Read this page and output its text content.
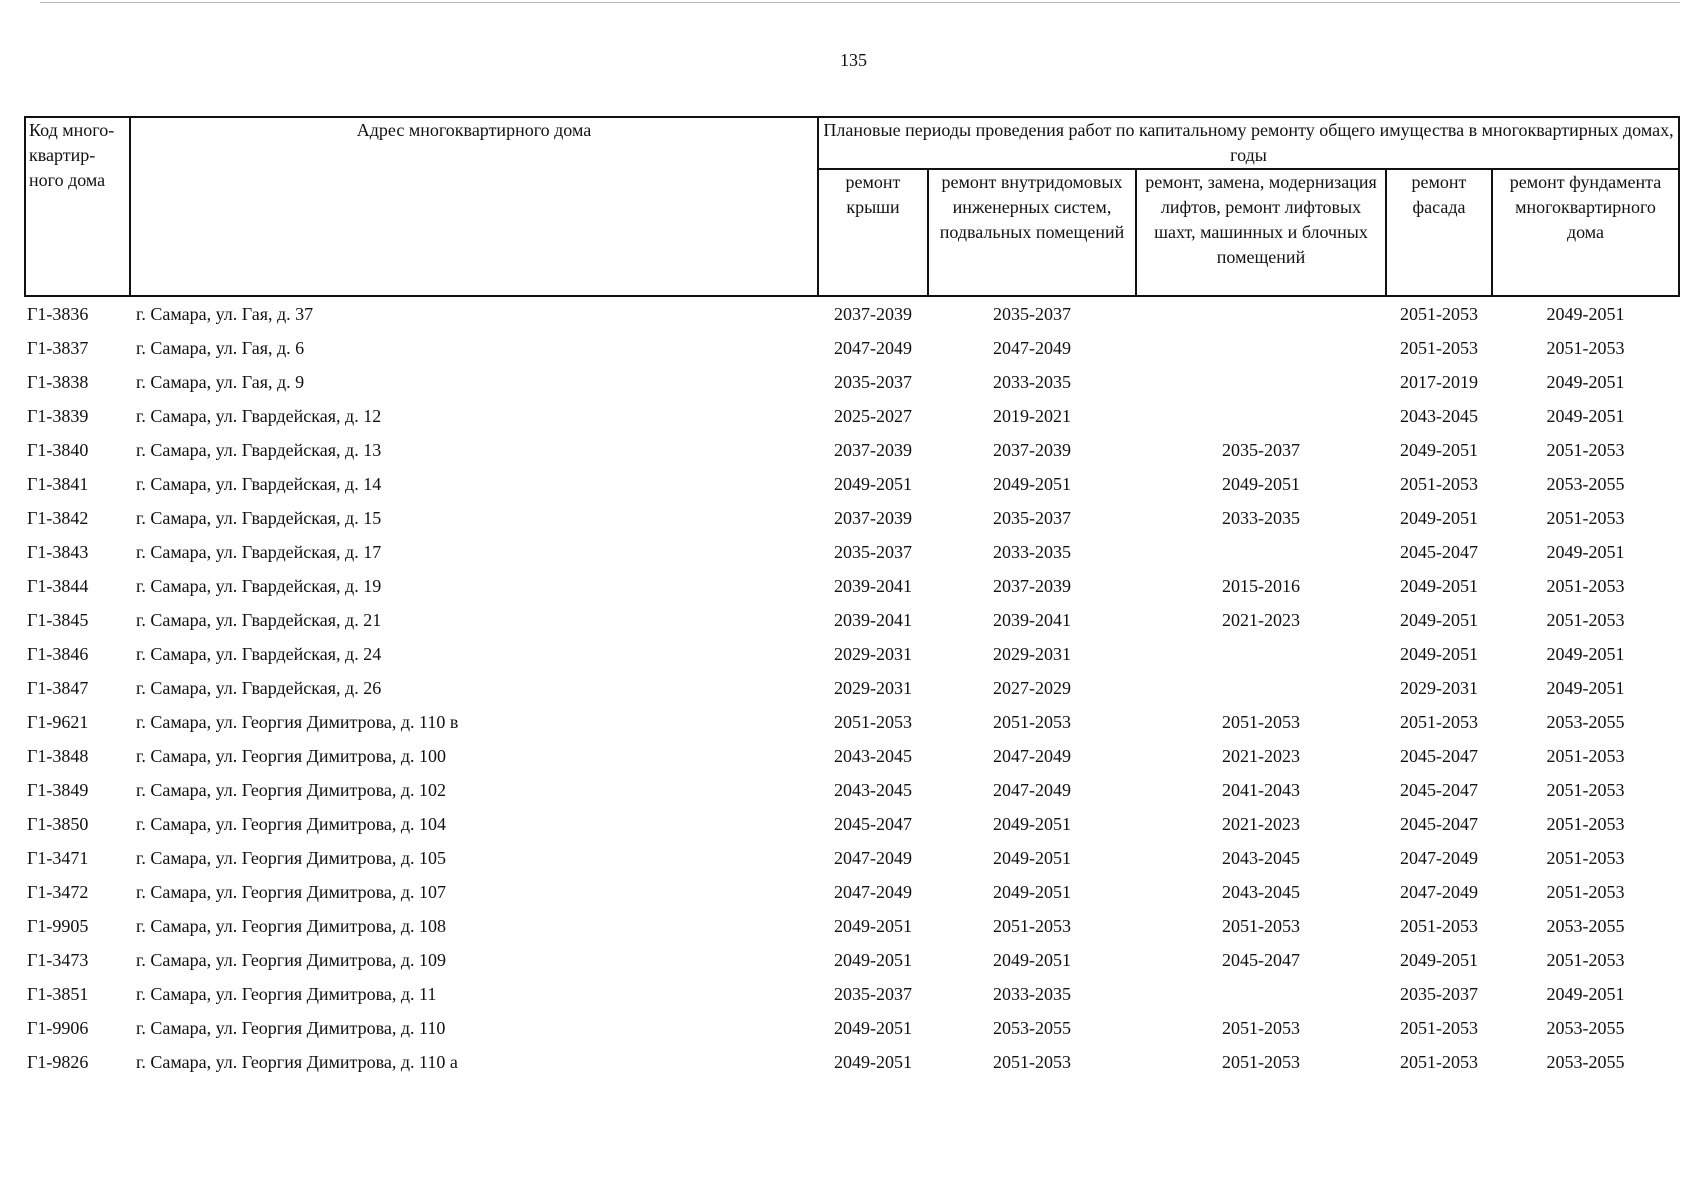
135
Код много-квартир-ного дома	Адрес многоквартирного дома	Плановые периоды проведения работ по капитальному ремонту общего имущества в многоквартирных домах, годы				
		ремонт крыши	ремонт внутридомовых инженерных систем, подвальных помещений	ремонт, замена, модернизация лифтов, ремонт лифтовых шахт, машинных и блочных помещений	ремонт фасада	ремонт фундамента многоквартирного дома
Г1-3836	г. Самара, ул. Гая, д. 37	2037-2039	2035-2037		2051-2053	2049-2051
Г1-3837	г. Самара, ул. Гая, д. 6	2047-2049	2047-2049		2051-2053	2051-2053
Г1-3838	г. Самара, ул. Гая, д. 9	2035-2037	2033-2035		2017-2019	2049-2051
Г1-3839	г. Самара, ул. Гвардейская, д. 12	2025-2027	2019-2021		2043-2045	2049-2051
Г1-3840	г. Самара, ул. Гвардейская, д. 13	2037-2039	2037-2039	2035-2037	2049-2051	2051-2053
Г1-3841	г. Самара, ул. Гвардейская, д. 14	2049-2051	2049-2051	2049-2051	2051-2053	2053-2055
Г1-3842	г. Самара, ул. Гвардейская, д. 15	2037-2039	2035-2037	2033-2035	2049-2051	2051-2053
Г1-3843	г. Самара, ул. Гвардейская, д. 17	2035-2037	2033-2035		2045-2047	2049-2051
Г1-3844	г. Самара, ул. Гвардейская, д. 19	2039-2041	2037-2039	2015-2016	2049-2051	2051-2053
Г1-3845	г. Самара, ул. Гвардейская, д. 21	2039-2041	2039-2041	2021-2023	2049-2051	2051-2053
Г1-3846	г. Самара, ул. Гвардейская, д. 24	2029-2031	2029-2031		2049-2051	2049-2051
Г1-3847	г. Самара, ул. Гвардейская, д. 26	2029-2031	2027-2029		2029-2031	2049-2051
Г1-9621	г. Самара, ул. Георгия Димитрова, д. 110 в	2051-2053	2051-2053	2051-2053	2051-2053	2053-2055
Г1-3848	г. Самара, ул. Георгия Димитрова, д. 100	2043-2045	2047-2049	2021-2023	2045-2047	2051-2053
Г1-3849	г. Самара, ул. Георгия Димитрова, д. 102	2043-2045	2047-2049	2041-2043	2045-2047	2051-2053
Г1-3850	г. Самара, ул. Георгия Димитрова, д. 104	2045-2047	2049-2051	2021-2023	2045-2047	2051-2053
Г1-3471	г. Самара, ул. Георгия Димитрова, д. 105	2047-2049	2049-2051	2043-2045	2047-2049	2051-2053
Г1-3472	г. Самара, ул. Георгия Димитрова, д. 107	2047-2049	2049-2051	2043-2045	2047-2049	2051-2053
Г1-9905	г. Самара, ул. Георгия Димитрова, д. 108	2049-2051	2051-2053	2051-2053	2051-2053	2053-2055
Г1-3473	г. Самара, ул. Георгия Димитрова, д. 109	2049-2051	2049-2051	2045-2047	2049-2051	2051-2053
Г1-3851	г. Самара, ул. Георгия Димитрова, д. 11	2035-2037	2033-2035		2035-2037	2049-2051
Г1-9906	г. Самара, ул. Георгия Димитрова, д. 110	2049-2051	2053-2055	2051-2053	2051-2053	2053-2055
Г1-9826	г. Самара, ул. Георгия Димитрова, д. 110 а	2049-2051	2051-2053	2051-2053	2051-2053	2053-2055
